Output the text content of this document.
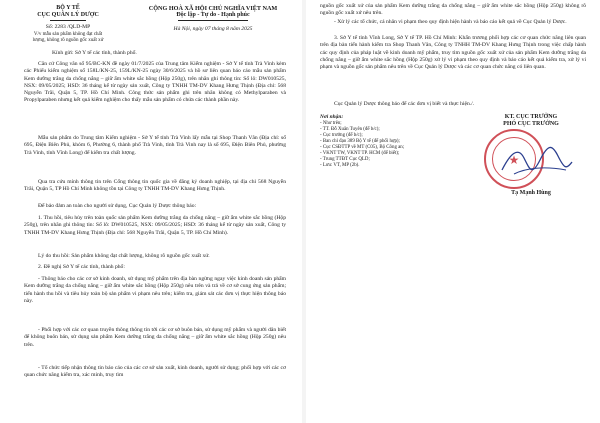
BỘ Y TẾ
CỤC QUẢN LÝ DƯỢC
Số: 2283 /QLD-MP
V/v mẫu sản phẩm không đạt chất
lượng, không rõ nguồn gốc xuất xứ
CỘNG HOÀ XÃ HỘI CHỦ NGHĨA VIỆT NAM
Độc lập - Tự do - Hạnh phúc
Hà Nội, ngày 07 tháng 8 năm 2025
Kính gửi: Sở Y tế các tỉnh, thành phố.
Căn cứ Công văn số 95/BC-KN đề ngày 01/7/2025 của Trung tâm Kiểm nghiệm - Sở Y tế tỉnh Trà Vinh kèm các Phiếu kiểm nghiệm số 158L/KN-25, 159L/KN-25 ngày 30/6/2025 và hồ sơ liên quan báo cáo mẫu sản phẩm Kem dưỡng trắng da chống nắng – giữ ẩm white sắc hồng (Hộp 250g), trên nhãn ghi thông tin: Số lô: DW010525, NSX: 09/05/2025; HSD: 36 tháng kể từ ngày sản xuất, Công ty TNHH TM-DV Khang Hưng Thịnh (Địa chỉ: 568 Nguyễn Trãi, Quận 5, TP. Hồ Chí Minh. Công thức sản phẩm ghi trên nhãn không có Methylparaben và Propylparaben nhưng kết quả kiểm nghiệm cho thấy mẫu sản phẩm có chứa các thành phần này.
Mẫu sản phẩm do Trung tâm Kiểm nghiệm - Sở Y tế tỉnh Trà Vinh lấy mẫu tại Shop Thanh Vân (Địa chỉ: số 695, Điện Biên Phủ, khóm 6, Phường 6, thành phố Trà Vinh, tỉnh Trà Vinh nay là số 695, Điện Biên Phủ, phường Trà Vinh, tỉnh Vĩnh Long) để kiểm tra chất lượng.
Qua tra cứu mính thông tin trên Cổng thông tin quốc gia về đăng ký doanh nghiệp, tại địa chỉ 568 Nguyễn Trãi, Quận 5, TP Hồ Chí Minh không tồn tại Công ty TNHH TM-DV Khang Hưng Thịnh.
Để bảo đảm an toàn cho người sử dụng, Cục Quản lý Dược thông báo:
1. Thu hồi, tiêu hủy trên toàn quốc sản phẩm Kem dưỡng trắng da chống nắng – giữ ẩm white sắc hồng (Hộp 250g), trên nhãn ghi thông tin: Số lô: DW010525, NSX: 09/05/2025; HSD: 36 tháng kể từ ngày sản xuất, Công ty TNHH TM-DV Khang Hưng Thịnh (Địa chỉ: 568 Nguyễn Trãi, Quận 5, TP. Hồ Chí Minh).
Lý do thu hồi: Sản phẩm không đạt chất lượng, không rõ nguồn gốc xuất xứ.
2. Đề nghị Sở Y tế các tỉnh, thành phố:
- Thông báo cho các cơ sở kinh doanh, sử dụng mỹ phẩm trên địa bàn ngừng ngay việc kinh doanh sản phẩm Kem dưỡng trắng da chống nắng – giữ ẩm white sắc hồng (Hộp 250g) nêu trên và trả về cơ sở cung ứng sản phẩm; tiến hành thu hồi và tiêu hủy toàn bộ sản phẩm vi phạm nêu trên; kiểm tra, giám sát các đơn vị thực hiện thông báo này.
- Phối hợp với các cơ quan truyền thông thông tin tới các cơ sở buôn bán, sử dụng mỹ phẩm và người dân biết để không buôn bán, sử dụng sản phẩm Kem dưỡng trắng da chống nắng – giữ ẩm white sắc hồng (Hộp 250g) nêu trên.
- Tổ chức tiếp nhận thông tin báo cáo của các cơ sở sản xuất, kinh doanh, người sử dụng; phối hợp với các cơ quan chức năng kiểm tra, xác minh, truy tìm
nguồn gốc xuất xứ của sản phẩm Kem dưỡng trắng da chống nắng – giữ ẩm white sắc hồng (Hộp 250g) không rõ nguồn gốc xuất xứ nêu trên.
- Xử lý các tổ chức, cá nhân vi phạm theo quy định hiện hành và báo cáo kết quả về Cục Quản lý Dược.
3. Sở Y tế tỉnh Vĩnh Long, Sở Y tế TP. Hồ Chí Minh: Khẩn trương phối hợp các cơ quan chức năng liên quan trên địa bàn tiến hành kiểm tra Shop Thanh Vân, Công ty TNHH TM-DV Khang Hưng Thịnh trong việc chấp hành các quy định của pháp luật về kinh doanh mỹ phẩm, truy tìm nguồn gốc xuất xứ của sản phẩm Kem dưỡng trắng da chống nắng – giữ ẩm white sắc hồng (Hộp 250g) xử lý vi phạm theo quy định và báo cáo kết quả kiểm tra, xử lý vi phạm và nguồn gốc sản phẩm nêu trên về Cục Quản lý Dược và các cơ quan chức năng có liên quan.
Cục Quản lý Dược thông báo để các đơn vị biết và thực hiện./.
Nơi nhận:
- Như trên;
- TT. Đỗ Xuân Tuyên (để b/c);
- Cục trưởng (để b/c);
- Ban chỉ đạo 389 Bộ Y tế (để phối hợp);
- Cục CSĐTTP về MT (C05), Bộ Công an;
- VKNT TW, VKNT TP. HCM (để biết);
- Trung TTĐT Cục QLD;
- Lưu: VT, MP (2b).
KT. CỤC TRƯỞNG
PHÓ CỤC TRƯỞNG
★
Tạ Mạnh Hùng
